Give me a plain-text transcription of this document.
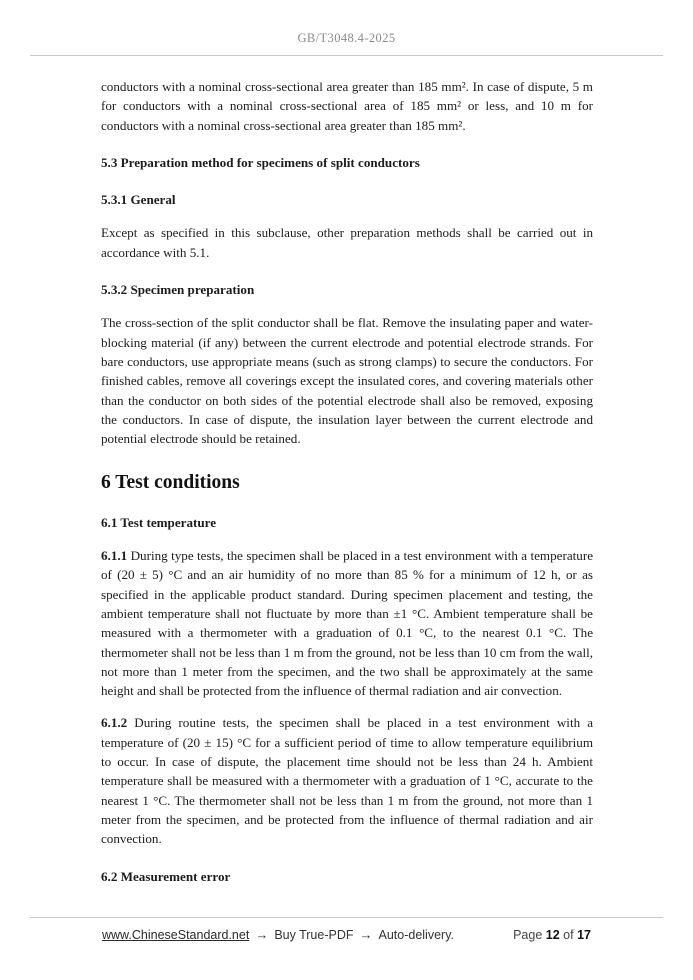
GB/T3048.4-2025

conductors with a nominal cross-sectional area greater than 185 mm². In case of dispute, 5 m for conductors with a nominal cross-sectional area of 185 mm² or less, and 10 m for conductors with a nominal cross-sectional area greater than 185 mm².

5.3 Preparation method for specimens of split conductors
5.3.1 General

Except as specified in this subclause, other preparation methods shall be carried out in accordance with 5.1.

5.3.2 Specimen preparation

The cross-section of the split conductor shall be flat. Remove the insulating paper and water-blocking material (if any) between the current electrode and potential electrode strands. For bare conductors, use appropriate means (such as strong clamps) to secure the conductors. For finished cables, remove all coverings except the insulated cores, and covering materials other than the conductor on both sides of the potential electrode shall also be removed, exposing the conductors. In case of dispute, the insulation layer between the current electrode and potential electrode should be retained.

6 Test conditions
6.1 Test temperature

6.1.1 During type tests, the specimen shall be placed in a test environment with a temperature of (20 ± 5) °C and an air humidity of no more than 85 % for a minimum of 12 h, or as specified in the applicable product standard. During specimen placement and testing, the ambient temperature shall not fluctuate by more than ±1 °C. Ambient temperature shall be measured with a thermometer with a graduation of 0.1 °C, to the nearest 0.1 °C. The thermometer shall not be less than 1 m from the ground, not be less than 10 cm from the wall, not more than 1 meter from the specimen, and the two shall be approximately at the same height and shall be protected from the influence of thermal radiation and air convection.

6.1.2 During routine tests, the specimen shall be placed in a test environment with a temperature of (20 ± 15) °C for a sufficient period of time to allow temperature equilibrium to occur. In case of dispute, the placement time should not be less than 24 h. Ambient temperature shall be measured with a thermometer with a graduation of 1 °C, accurate to the nearest 1 °C. The thermometer shall not be less than 1 m from the ground, not more than 1 meter from the specimen, and be protected from the influence of thermal radiation and air convection.

6.2 Measurement error
www.ChineseStandard.net → Buy True-PDF → Auto-delivery.	Page 12 of 17
